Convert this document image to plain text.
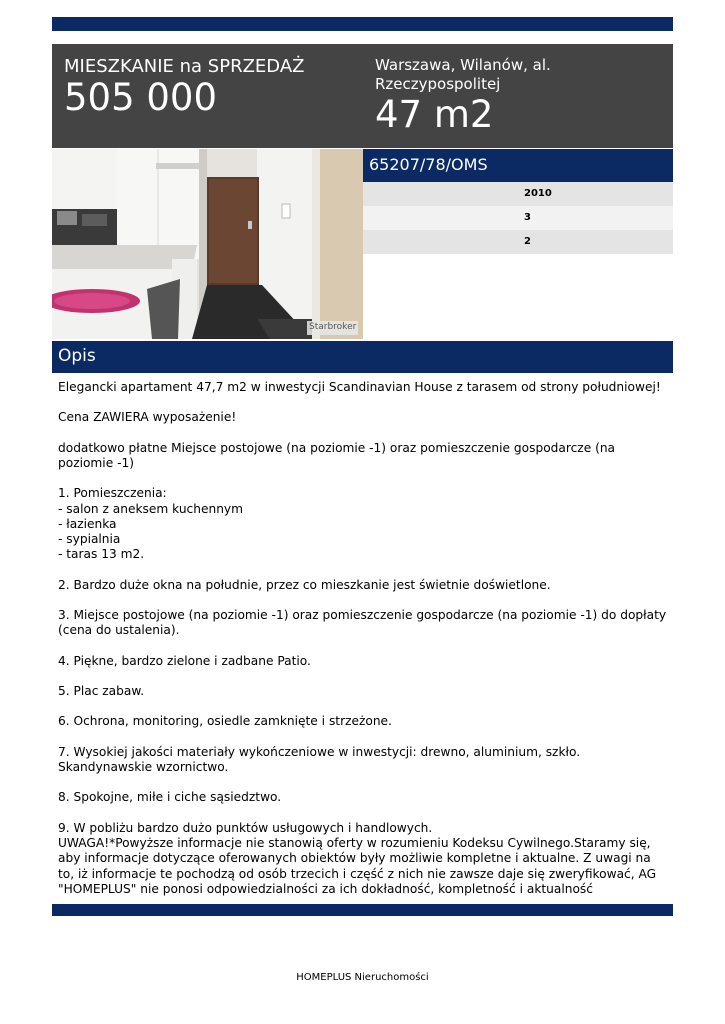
MIESZKANIE na SPRZEDAŻ
505 000
Warszawa, Wilanów, al. Rzeczypospolitej
47 m2
Starbroker
65207/78/OMS
2010
3
2
Opis
Elegancki apartament 47,7 m2 w inwestycji Scandinavian House z tarasem od strony południowej!

Cena ZAWIERA wyposażenie!

dodatkowo płatne Miejsce postojowe (na poziomie -1) oraz pomieszczenie gospodarcze (na poziomie -1)

1. Pomieszczenia:
- salon z aneksem kuchennym
- łazienka
- sypialnia
- taras 13 m2.

2. Bardzo duże okna na południe, przez co mieszkanie jest świetnie doświetlone.

3. Miejsce postojowe (na poziomie -1) oraz pomieszczenie gospodarcze (na poziomie -1) do dopłaty (cena do ustalenia).

4. Piękne, bardzo zielone i zadbane Patio.

5. Plac zabaw.

6. Ochrona, monitoring, osiedle zamknięte i strzeżone.

7. Wysokiej jakości materiały wykończeniowe w inwestycji: drewno, aluminium, szkło. Skandynawskie wzornictwo.

8. Spokojne, miłe i ciche sąsiedztwo.

9. W pobliżu bardzo dużo punktów usługowych i handlowych.
UWAGA!*Powyższe informacje nie stanowią oferty w rozumieniu Kodeksu Cywilnego.Staramy się, aby informacje dotyczące oferowanych obiektów były możliwie kompletne i aktualne. Z uwagi na to, iż informacje te pochodzą od osób trzecich i część z nich nie zawsze daje się zweryfikować, AG "HOMEPLUS" nie ponosi odpowiedzialności za ich dokładność, kompletność i aktualność
HOMEPLUS Nieruchomości
